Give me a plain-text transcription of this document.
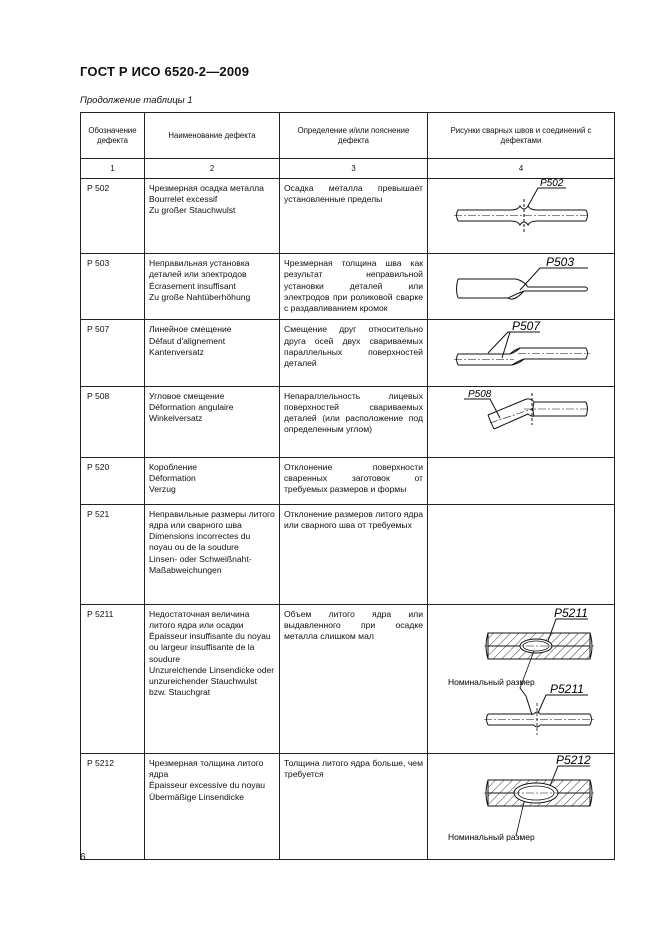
ГОСТ Р ИСО 6520-2—2009
Продолжение таблицы 1
Обозначение дефекта	Наименование дефекта	Определение и/или пояснение дефекта	Рисунки сварных швов и соединений с дефектами
1	2	3	4
P 502	Чрезмерная осадка металла
Bourrelet excessif
Zu großer Stauchwulst	Осадка металла превышает установленные пределы	P502

P 503	Неправильная установка деталей или электродов
Écrasement insuffisant
Zu große Nahtüberhöhung	Чрезмерная толщина шва как результат неправильной установки деталей или электродов при роликовой сварке с раздавливанием кромок	P503

P 507	Линейное смещение
Défaut d'alignement
Kantenversatz	Смещение друг относительно друга осей двух свариваемых параллельных поверхностей деталей	P507

P 508	Угловое смещение
Déformation angulaire
Winkelversatz	Непараллельность лицевых поверхностей свариваемых деталей (или расположение под определенным углом)	P508

P 520	Коробление
Déformation
Verzug	Отклонение поверхности сваренных заготовок от требуемых размеров и формы	
P 521	Неправильные размеры литого ядра или сварного шва
Dimensions incorrectes du noyau ou de la soudure
Linsen- oder Schweißnaht-Maßabweichungen	Отклонение размеров литого ядра или сварного шва от требуемых	
P 5211	Недостаточная величина литого ядра или осадки
Épaisseur insuffisante du noyau ou largeur insuffisante de la soudure
Unzureichende Linsendicke oder unzureichender Stauchwulst bzw. Stauchgrat	Объем литого ядра или выдавленного при осадке металла слишком мал	P5211
Номинальный размер P5211

P 5212	Чрезмерная толщина литого ядра
Épaisseur excessive du noyau
Übermäßige Linsendicke	Толщина литого ядра больше, чем требуется	P5212
Номинальный размер
6
